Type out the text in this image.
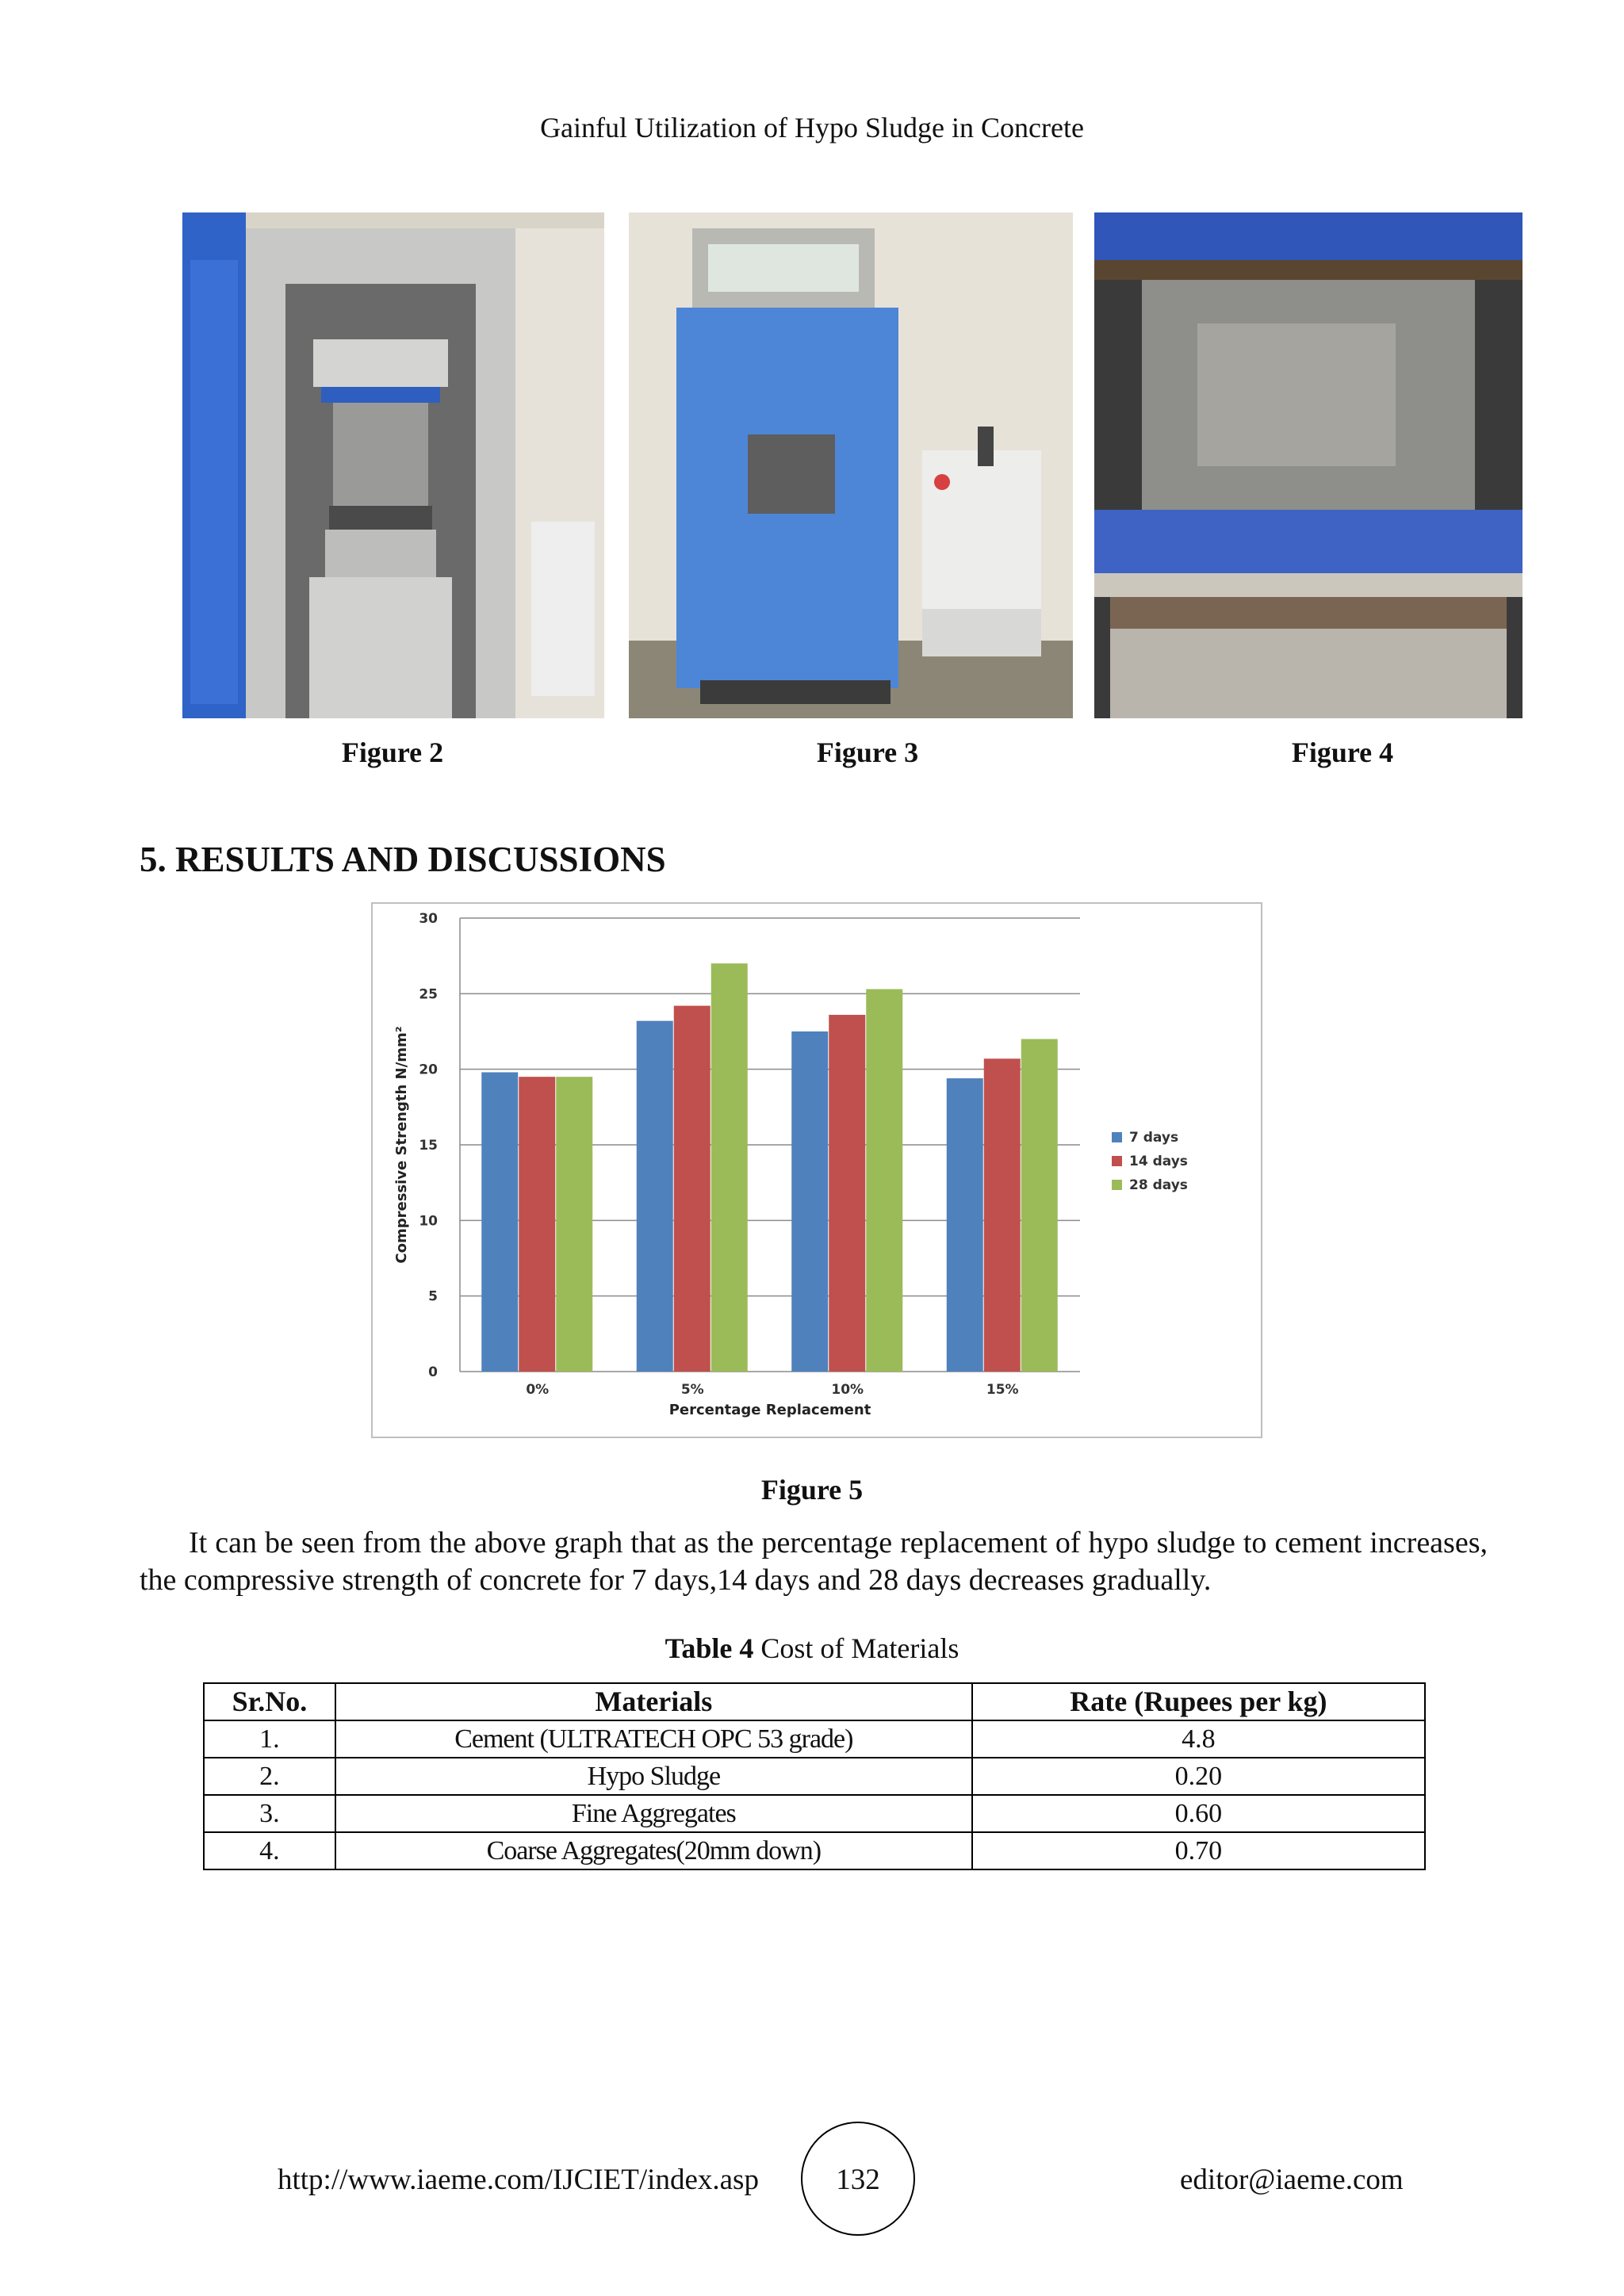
Gainful Utilization of Hypo Sludge in Concrete
Figure 2	Figure 3	Figure 4
5. RESULTS AND DISCUSSIONS
0
5
10
15
20
25
30
0%	5%	10%	15%
Percentage Replacement
Compressive Strength N/mm²	7 days
14 days
28 days
Figure 5
It can be seen from the above graph that as the percentage replacement of hypo sludge to cement increases, the compressive strength of concrete for 7 days,14 days and 28 days decreases gradually.
Table 4 Cost of Materials
Sr.No.	Materials	Rate (Rupees per kg)
1.	Cement (ULTRATECH OPC 53 grade)	4.8
2.	Hypo Sludge	0.20
3.	Fine Aggregates	0.60
4.	Coarse Aggregates(20mm down)	0.70
http://www.iaeme.com/IJCIET/index.asp	132	editor@iaeme.com
